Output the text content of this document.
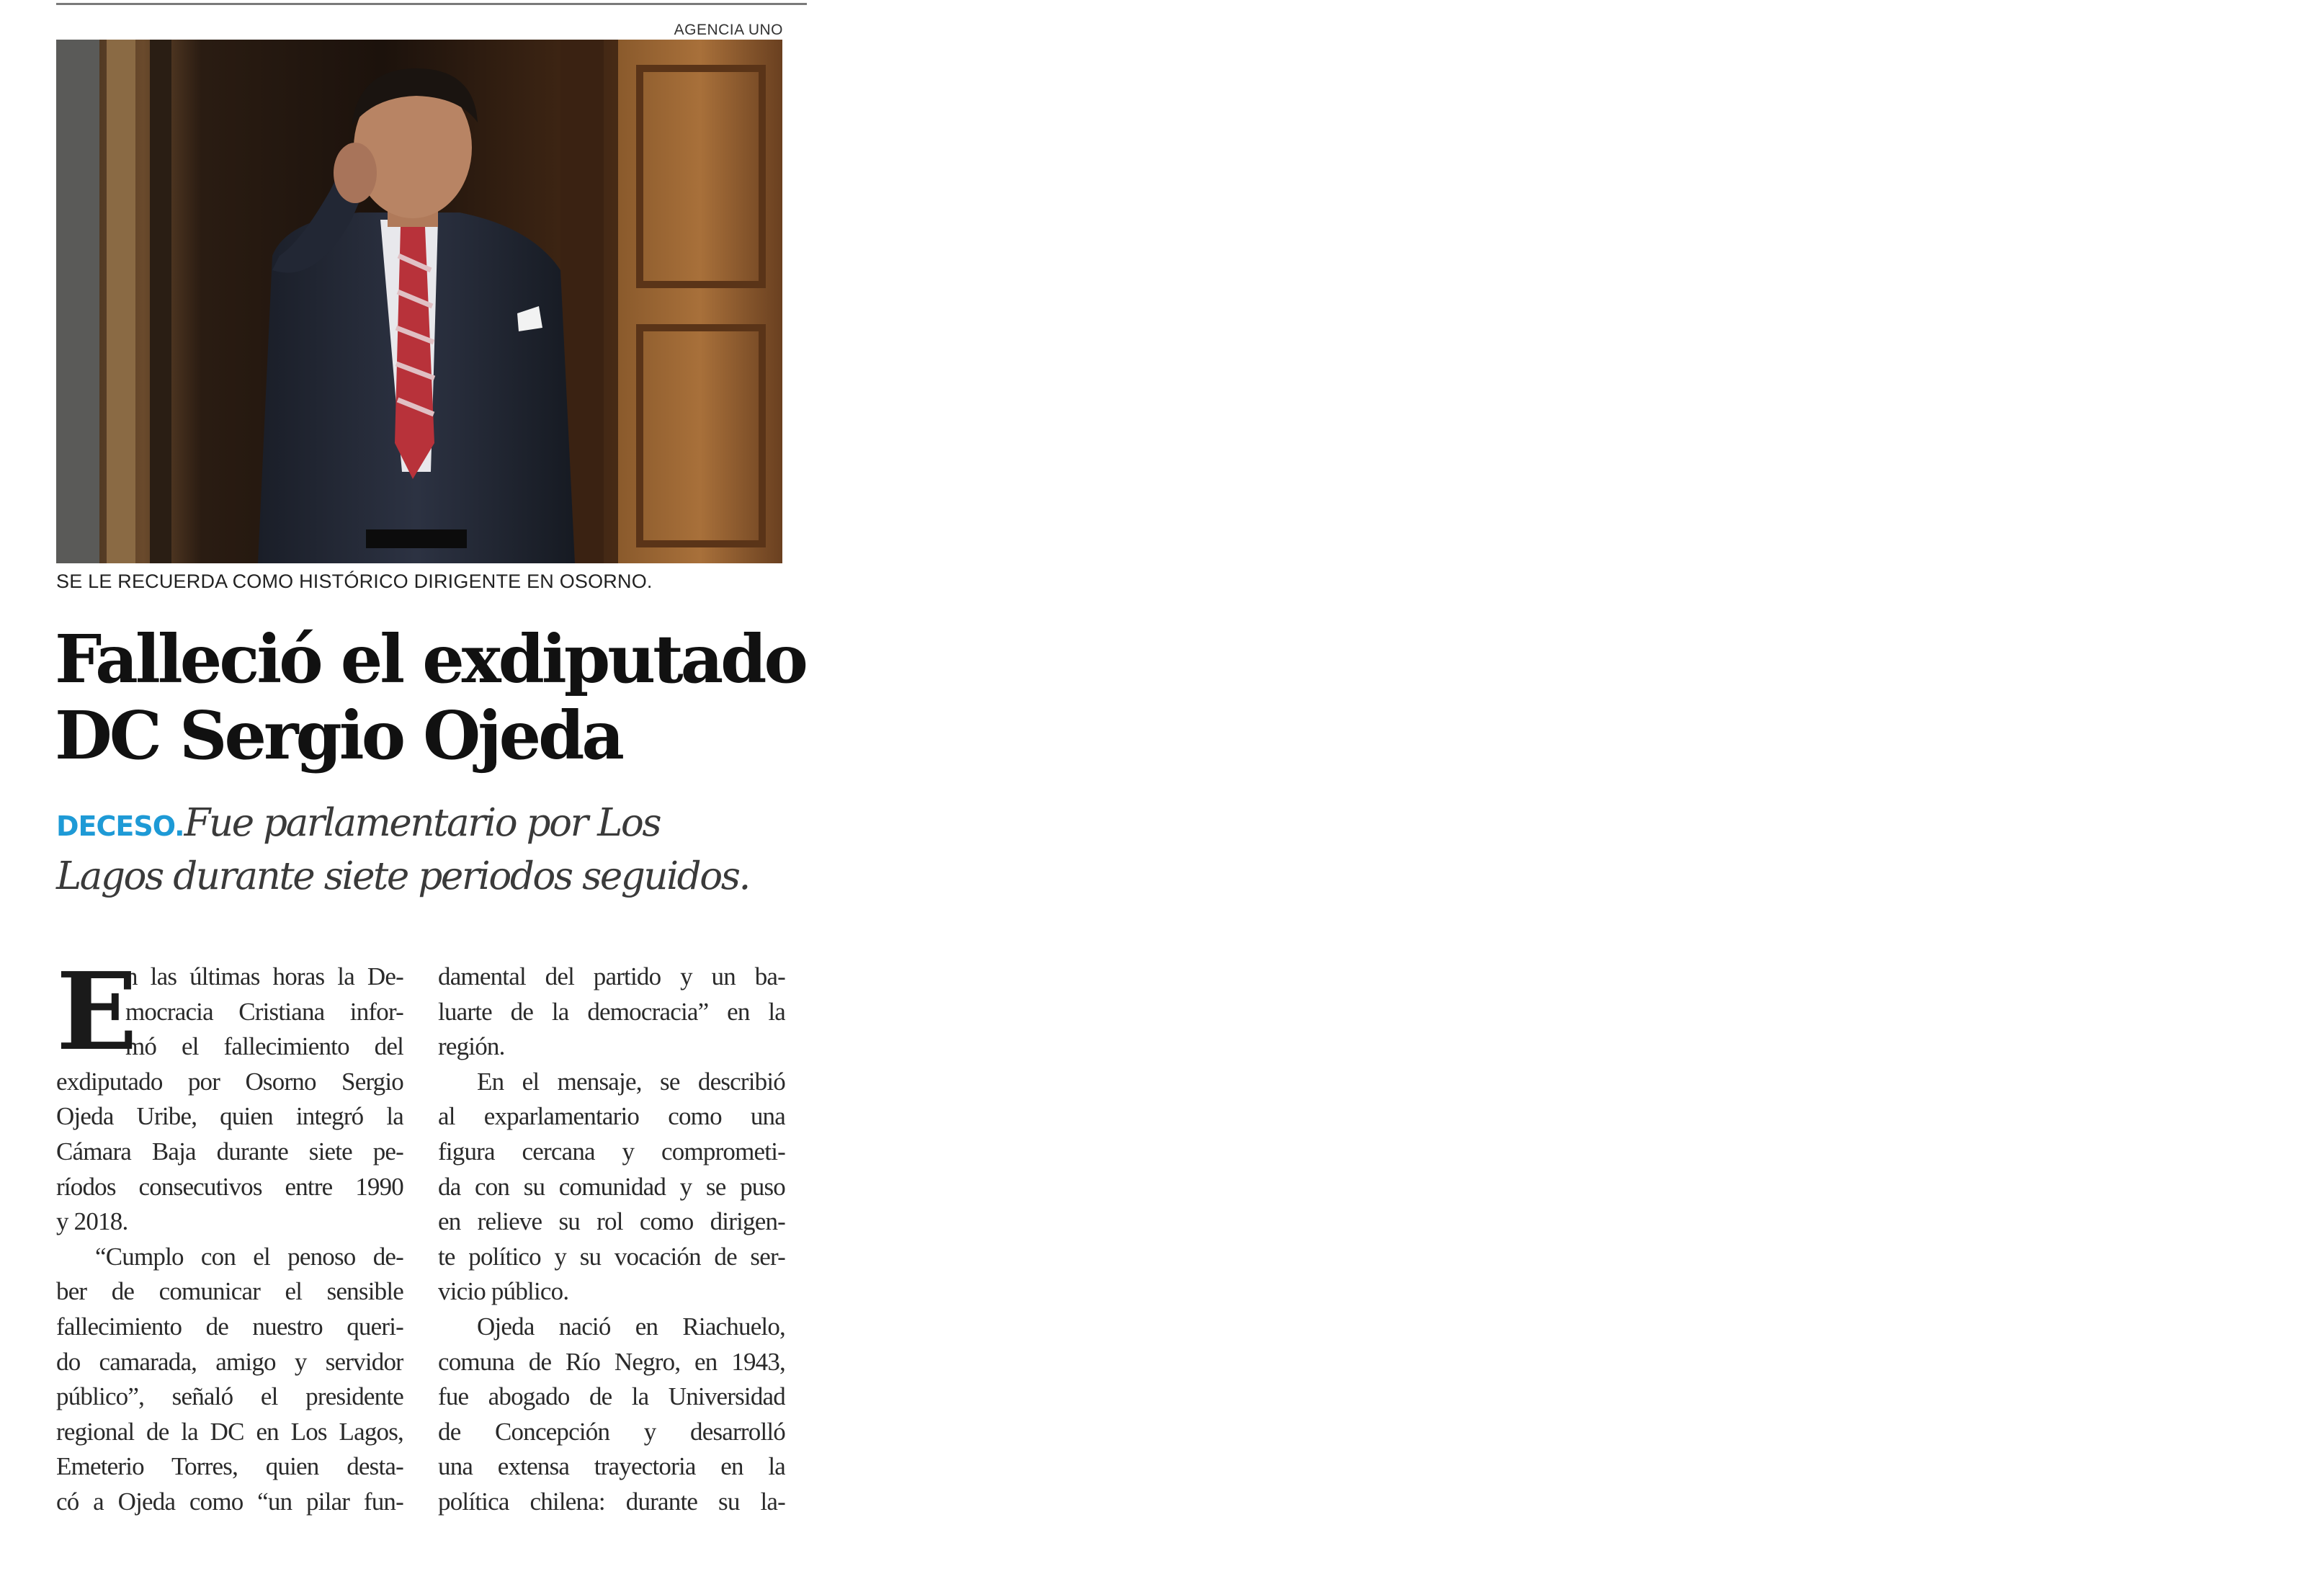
AGENCIA UNO
SE LE RECUERDA COMO HISTÓRICO DIRIGENTE EN OSORNO.
Falleció el exdiputado
DC Sergio Ojeda
DECESO.Fue parlamentario por Los
Lagos durante siete periodos seguidos.
E
n las últimas horas la De-
mocracia Cristiana infor-
mó el fallecimiento del
exdiputado por Osorno Sergio
Ojeda Uribe, quien integró la
Cámara Baja durante siete pe-
ríodos consecutivos entre 1990
y 2018.
“Cumplo con el penoso de-
ber de comunicar el sensible
fallecimiento de nuestro queri-
do camarada, amigo y servidor
público”, señaló el presidente
regional de la DC en Los Lagos,
Emeterio Torres, quien desta-
có a Ojeda como “un pilar fun-
damental del partido y un ba-
luarte de la democracia” en la
región.
En el mensaje, se describió
al exparlamentario como una
figura cercana y comprometi-
da con su comunidad y se puso
en relieve su rol como dirigen-
te político y su vocación de ser-
vicio público.
Ojeda nació en Riachuelo,
comuna de Río Negro, en 1943,
fue abogado de la Universidad
de Concepción y desarrolló
una extensa trayectoria en la
política chilena: durante su la-
